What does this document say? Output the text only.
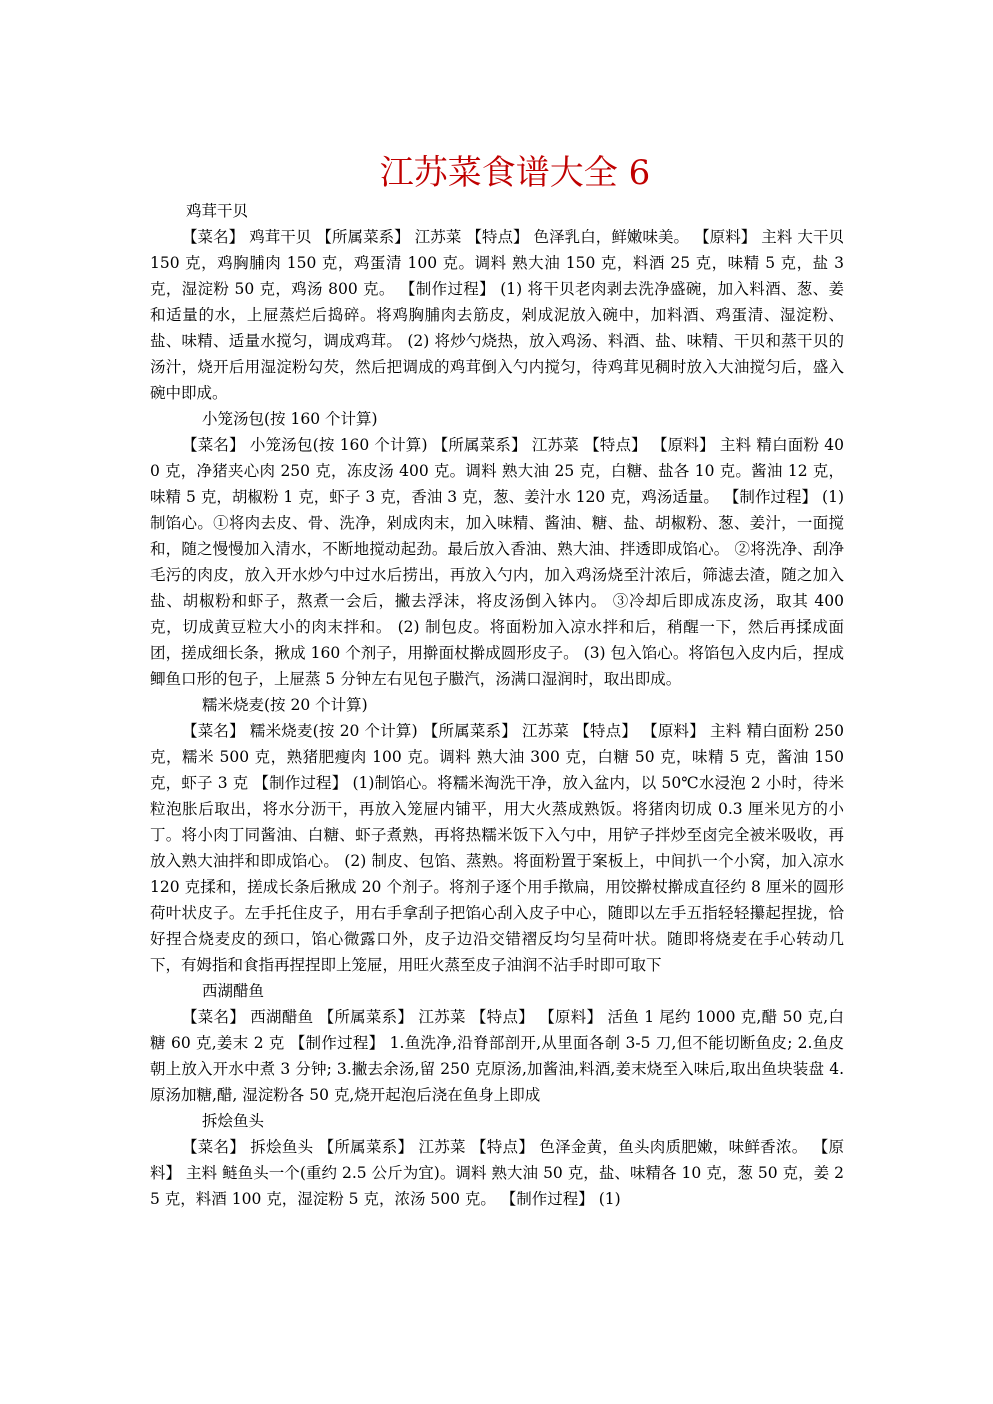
江苏菜食谱大全 6

鸡茸干贝

【菜名】 鸡茸干贝 【所属菜系】 江苏菜 【特点】 色泽乳白，鲜嫩味美。 【原料】 主料 大干贝 150 克，鸡胸脯肉 150 克，鸡蛋清 100 克。调料 熟大油 150 克，料酒 25 克，味精 5 克，盐 3 克，湿淀粉 50 克，鸡汤 800 克。 【制作过程】 (1) 将干贝老肉剥去洗净盛碗，加入料酒、葱、姜和适量的水，上屉蒸烂后捣碎。将鸡胸脯肉去筋皮，剁成泥放入碗中，加料酒、鸡蛋清、湿淀粉、盐、味精、适量水搅匀，调成鸡茸。 (2) 将炒勺烧热，放入鸡汤、料酒、盐、味精、干贝和蒸干贝的汤汁，烧开后用湿淀粉勾芡，然后把调成的鸡茸倒入勺内搅匀，待鸡茸见稠时放入大油搅匀后，盛入碗中即成。

小笼汤包(按 160 个计算)

【菜名】 小笼汤包(按 160 个计算) 【所属菜系】 江苏菜 【特点】 【原料】 主料 精白面粉 400 克，净猪夹心肉 250 克，冻皮汤 400 克。调料 熟大油 25 克，白糖、盐各 10 克。酱油 12 克，味精 5 克，胡椒粉 1 克，虾子 3 克，香油 3 克，葱、姜汁水 120 克，鸡汤适量。 【制作过程】 (1) 制馅心。①将肉去皮、骨、洗净，剁成肉末，加入味精、酱油、糖、盐、胡椒粉、葱、姜汁，一面搅和，随之慢慢加入清水，不断地搅动起劲。最后放入香油、熟大油、拌透即成馅心。 ②将洗净、刮净毛污的肉皮，放入开水炒勺中过水后捞出，再放入勺内，加入鸡汤烧至汁浓后，筛滤去渣，随之加入盐、胡椒粉和虾子，熬煮一会后，撇去浮沫，将皮汤倒入钵内。 ③冷却后即成冻皮汤，取其 400 克，切成黄豆粒大小的肉末拌和。 (2) 制包皮。将面粉加入凉水拌和后，稍醒一下，然后再揉成面团，搓成细长条，揪成 160 个剂子，用擀面杖擀成圆形皮子。 (3) 包入馅心。将馅包入皮内后，捏成鲫鱼口形的包子，上屉蒸 5 分钟左右见包子臌汽，汤满口湿润时，取出即成。

糯米烧麦(按 20 个计算)

【菜名】 糯米烧麦(按 20 个计算) 【所属菜系】 江苏菜 【特点】 【原料】 主料 精白面粉 250 克，糯米 500 克，熟猪肥瘦肉 100 克。调料 熟大油 300 克，白糖 50 克，味精 5 克，酱油 150 克，虾子 3 克 【制作过程】 (1)制馅心。将糯米淘洗干净，放入盆内，以 50℃水浸泡 2 小时，待米粒泡胀后取出，将水分沥干，再放入笼屉内铺平，用大火蒸成熟饭。将猪肉切成 0.3 厘米见方的小丁。将小肉丁同酱油、白糖、虾子煮熟，再将热糯米饭下入勺中，用铲子拌炒至卤完全被米吸收，再放入熟大油拌和即成馅心。 (2) 制皮、包馅、蒸熟。将面粉置于案板上，中间扒一个小窝，加入凉水 120 克揉和，搓成长条后揪成 20 个剂子。将剂子逐个用手揿扁，用饺擀杖擀成直径约 8 厘米的圆形荷叶状皮子。左手托住皮子，用右手拿刮子把馅心刮入皮子中心，随即以左手五指轻轻攥起捏拢，恰好捏合烧麦皮的颈口，馅心微露口外，皮子边沿交错褶反均匀呈荷叶状。随即将烧麦在手心转动几下，有姆指和食指再捏捏即上笼屉，用旺火蒸至皮子油润不沾手时即可取下

西湖醋鱼

【菜名】 西湖醋鱼 【所属菜系】 江苏菜 【特点】 【原料】 活鱼 1 尾约 1000 克,醋 50 克,白糖 60 克,姜末 2 克 【制作过程】 1.鱼洗净,沿脊部剖开,从里面各剞 3-5 刀,但不能切断鱼皮; 2.鱼皮朝上放入开水中煮 3 分钟; 3.撇去余汤,留 250 克原汤,加酱油,料酒,姜末烧至入味后,取出鱼块装盘 4.原汤加糖,醋, 湿淀粉各 50 克,烧开起泡后浇在鱼身上即成

拆烩鱼头

【菜名】 拆烩鱼头 【所属菜系】 江苏菜 【特点】 色泽金黄，鱼头肉质肥嫩，味鲜香浓。 【原料】 主料 鲢鱼头一个(重约 2.5 公斤为宜)。调料 熟大油 50 克，盐、味精各 10 克，葱 50 克，姜 25 克，料酒 100 克，湿淀粉 5 克，浓汤 500 克。 【制作过程】 (1)
